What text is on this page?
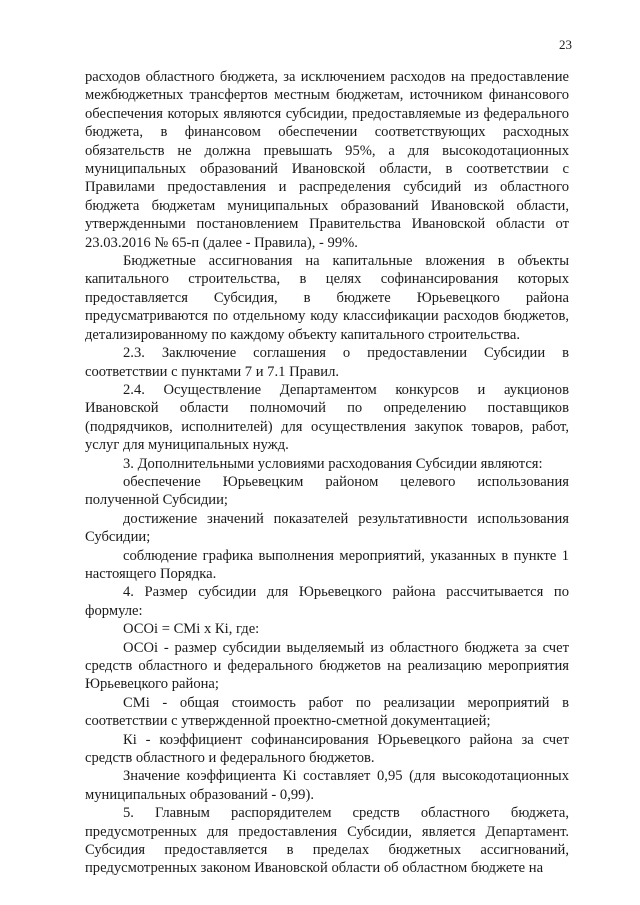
23

расходов областного бюджета, за исключением расходов на предоставление межбюджетных трансфертов местным бюджетам, источником финансового обеспечения которых являются субсидии, предоставляемые из федерального бюджета, в финансовом обеспечении соответствующих расходных обязательств не должна превышать 95%, а для высокодотационных муниципальных образований Ивановской области, в соответствии с Правилами предоставления и распределения субсидий из областного бюджета бюджетам муниципальных образований Ивановской области, утвержденными постановлением Правительства Ивановской области от 23.03.2016 № 65-п (далее - Правила), - 99%.

Бюджетные ассигнования на капитальные вложения в объекты капитального строительства, в целях софинансирования которых предоставляется Субсидия, в бюджете Юрьевецкого района предусматриваются по отдельному коду классификации расходов бюджетов, детализированному по каждому объекту капитального строительства.

2.3. Заключение соглашения о предоставлении Субсидии в соответствии с пунктами 7 и 7.1 Правил.

2.4. Осуществление Департаментом конкурсов и аукционов Ивановской области полномочий по определению поставщиков (подрядчиков, исполнителей) для осуществления закупок товаров, работ, услуг для муниципальных нужд.

3. Дополнительными условиями расходования Субсидии являются:

обеспечение Юрьевецким районом целевого использования полученной Субсидии;

достижение значений показателей результативности использования Субсидии;

соблюдение графика выполнения мероприятий, указанных в пункте 1 настоящего Порядка.

4. Размер субсидии для Юрьевецкого района рассчитывается по формуле:

ОСОi = СМi х Кi, где:

ОСОi - размер субсидии выделяемый из областного бюджета за счет средств областного и федерального бюджетов на реализацию мероприятия Юрьевецкого района;

СМi - общая стоимость работ по реализации мероприятий в соответствии с утвержденной проектно-сметной документацией;

Кi - коэффициент софинансирования Юрьевецкого района за счет средств областного и федерального бюджетов.

Значение коэффициента Кi составляет 0,95 (для высокодотационных муниципальных образований - 0,99).

5. Главным распорядителем средств областного бюджета, предусмотренных для предоставления Субсидии, является Департамент. Субсидия предоставляется в пределах бюджетных ассигнований, предусмотренных законом Ивановской области об областном бюджете на
